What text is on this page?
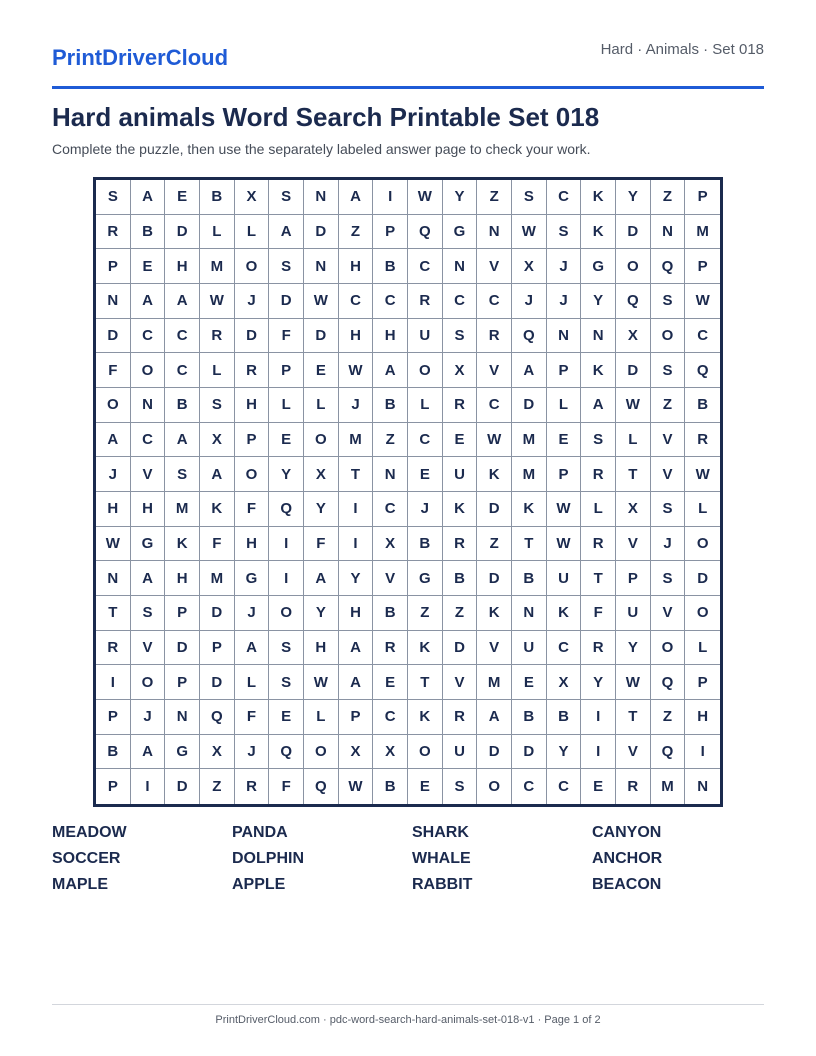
PrintDriverCloud	Hard · Animals · Set 018
Hard animals Word Search Printable Set 018
Complete the puzzle, then use the separately labeled answer page to check your work.
S	A	E	B	X	S	N	A	I	W	Y	Z	S	C	K	Y	Z	P
R	B	D	L	L	A	D	Z	P	Q	G	N	W	S	K	D	N	M
P	E	H	M	O	S	N	H	B	C	N	V	X	J	G	O	Q	P
N	A	A	W	J	D	W	C	C	R	C	C	J	J	Y	Q	S	W
D	C	C	R	D	F	D	H	H	U	S	R	Q	N	N	X	O	C
F	O	C	L	R	P	E	W	A	O	X	V	A	P	K	D	S	Q
O	N	B	S	H	L	L	J	B	L	R	C	D	L	A	W	Z	B
A	C	A	X	P	E	O	M	Z	C	E	W	M	E	S	L	V	R
J	V	S	A	O	Y	X	T	N	E	U	K	M	P	R	T	V	W
H	H	M	K	F	Q	Y	I	C	J	K	D	K	W	L	X	S	L
W	G	K	F	H	I	F	I	X	B	R	Z	T	W	R	V	J	O
N	A	H	M	G	I	A	Y	V	G	B	D	B	U	T	P	S	D
T	S	P	D	J	O	Y	H	B	Z	Z	K	N	K	F	U	V	O
R	V	D	P	A	S	H	A	R	K	D	V	U	C	R	Y	O	L
I	O	P	D	L	S	W	A	E	T	V	M	E	X	Y	W	Q	P
P	J	N	Q	F	E	L	P	C	K	R	A	B	B	I	T	Z	H
B	A	G	X	J	Q	O	X	X	O	U	D	D	Y	I	V	Q	I
P	I	D	Z	R	F	Q	W	B	E	S	O	C	C	E	R	M	N
MEADOW	PANDA	SHARK	CANYON
SOCCER	DOLPHIN	WHALE	ANCHOR
MAPLE	APPLE	RABBIT	BEACON
PrintDriverCloud.com · pdc-word-search-hard-animals-set-018-v1 · Page 1 of 2
